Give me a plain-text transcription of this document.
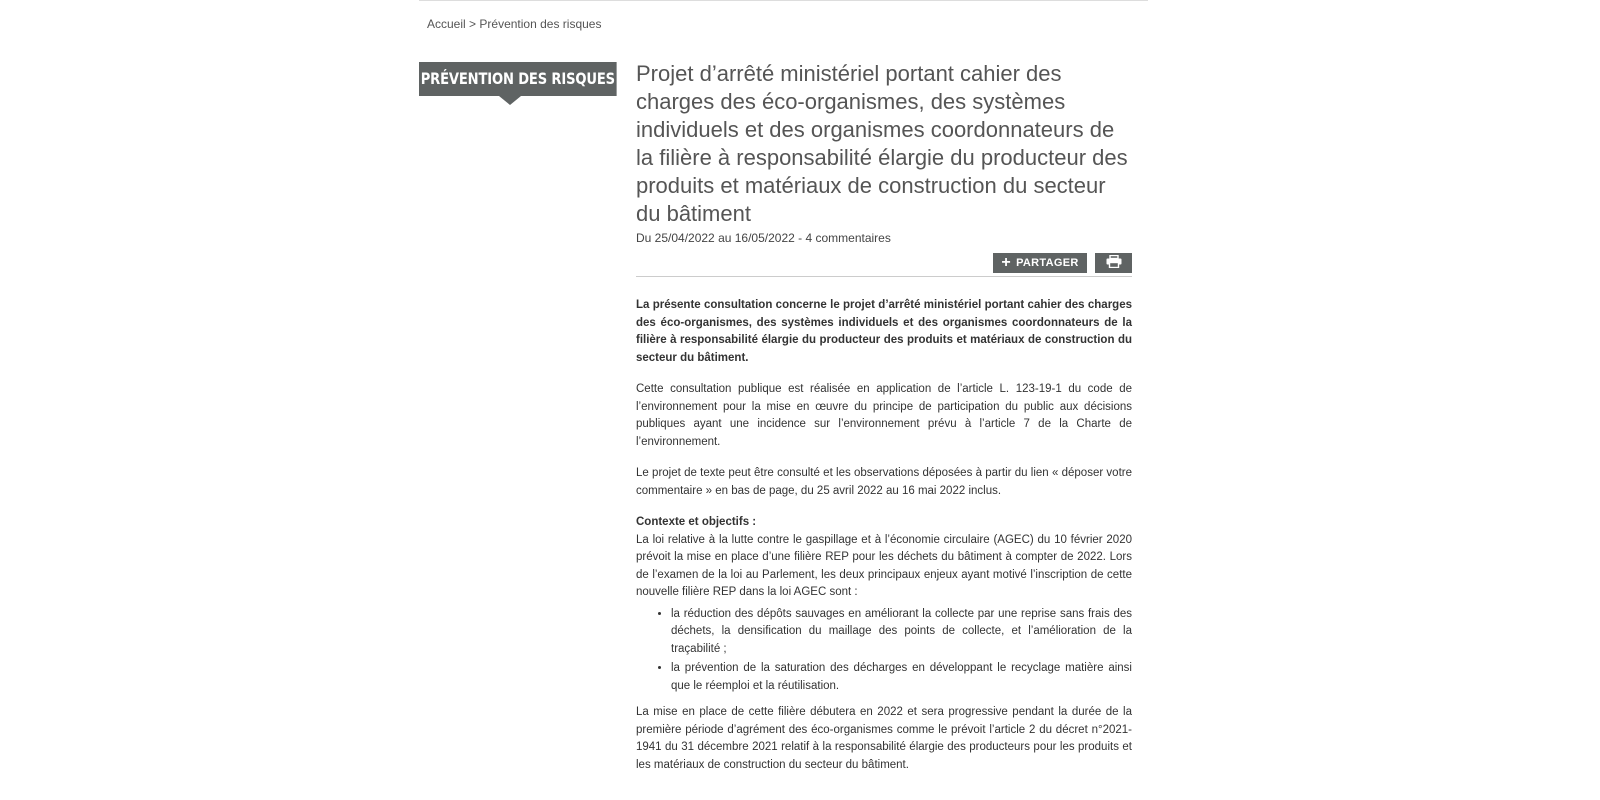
Accueil > Prévention des risques
PRÉVENTION DES RISQUES Projet d’arrêté ministériel portant cahier des charges des éco-organismes, des systèmes individuels et des organismes coordonnateurs de la filière à responsabilité élargie du producteur des produits et matériaux de construction du secteur du bâtiment
Du 25/04/2022 au 16/05/2022 - 4 commentaires
+ PARTAGER

La présente consultation concerne le projet d’arrêté ministériel portant cahier des charges des éco-organismes, des systèmes individuels et des organismes coordonnateurs de la filière à responsabilité élargie du producteur des produits et matériaux de construction du secteur du bâtiment.

Cette consultation publique est réalisée en application de l’article L. 123-19-1 du code de l’environnement pour la mise en œuvre du principe de participation du public aux décisions publiques ayant une incidence sur l’environnement prévu à l’article 7 de la Charte de l’environnement.

Le projet de texte peut être consulté et les observations déposées à partir du lien « déposer votre commentaire » en bas de page, du 25 avril 2022 au 16 mai 2022 inclus.

Contexte et objectifs :

La loi relative à la lutte contre le gaspillage et à l’économie circulaire (AGEC) du 10 février 2020 prévoit la mise en place d’une filière REP pour les déchets du bâtiment à compter de 2022. Lors de l’examen de la loi au Parlement, les deux principaux enjeux ayant motivé l’inscription de cette nouvelle filière REP dans la loi AGEC sont :

• la réduction des dépôts sauvages en améliorant la collecte par une reprise sans frais des déchets, la densification du maillage des points de collecte, et l’amélioration de la traçabilité ;
• la prévention de la saturation des décharges en développant le recyclage matière ainsi que le réemploi et la réutilisation.

La mise en place de cette filière débutera en 2022 et sera progressive pendant la durée de la première période d’agrément des éco-organismes comme le prévoit l’article 2 du décret n°2021-1941 du 31 décembre 2021 relatif à la responsabilité élargie des producteurs pour les produits et les matériaux de construction du secteur du bâtiment.
